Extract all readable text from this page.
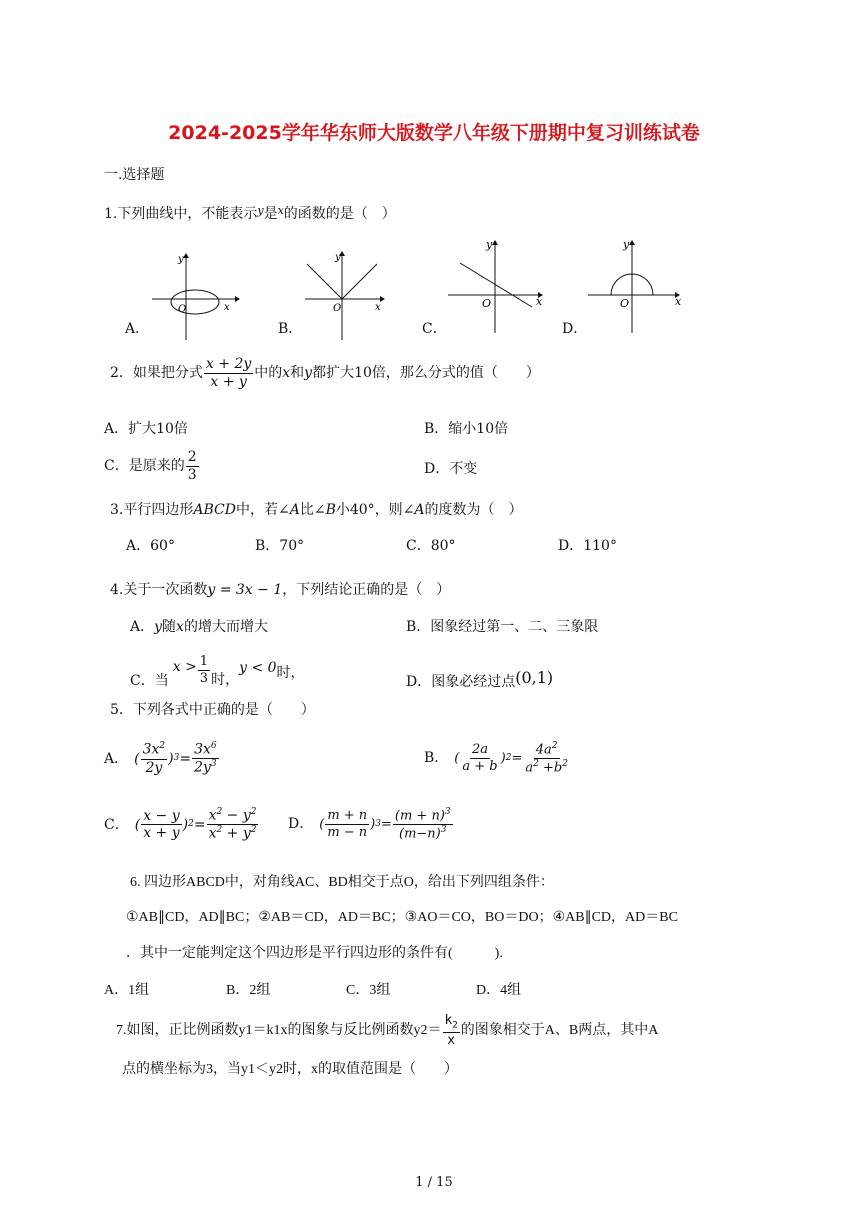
2024-2025学年华东师大版数学八年级下册期中复习训练试卷
一.选择题
1.下列曲线中，不能表示$^y$是$^x$的函数的是（　）
y
x
O
A．
y
x
O
B．
y
x
O
C．
y
x
O
D．
2．如果把分式 $\frac{x + 2y}{x + y}$ 中的 x 和 y 都扩大10倍，那么分式的值（　　）
A．扩大10倍	B．缩小10倍
C．是原来的 $\frac{2}{3}$	D．不变
3.平行四边形ABCD中，若∠A比∠B小40°，则∠A的度数为（　）
A．60°	B．70°	C．80°	D．110°
4.关于一次函数y = 3x − 1，下列结论正确的是（　）
A．y随x的增大而增大	B．图象经过第一、二、三象限
C．当
$x > \frac{1}{3}$ 时，
y < 0 时，
D．图象必经过点(0,1)
5．下列各式中正确的是（　　）
A． ( $\frac{3x^2}{2y}$ ) $3 = \frac{3x^6}{2y^3}$	B． ( $\frac{2a}{a + b}$ ) $2 = \frac{4a^2}{a^2 +b^2}$
C． ( $\frac{x - y}{x + y}$ ) $2 = \frac{x^2 - y^2}{x^2 + y^2}$ D． ( $\frac{m + n}{m - n}$ ) $3 = \frac{(m + n)^3}{(m-n)^3}$
6. 四边形ABCD中，对角线AC、BD相交于点O，给出下列四组条件：
①AB∥CD，AD∥BC；②AB＝CD，AD＝BC；③AO＝CO，BO＝DO；④AB∥CD，AD＝BC
．其中一定能判定这个四边形是平行四边形的条件有(　　　).
A．1组	B．2组	C．3组	D．4组
7.如图，正比例函数y1＝k1x的图象与反比例函数$y2= \frac{k_2}{x}$ 的图象相交于A、B两点，其中A
点的横坐标为3，当y1＜y2时，x的取值范围是（　　）
1 / 15
